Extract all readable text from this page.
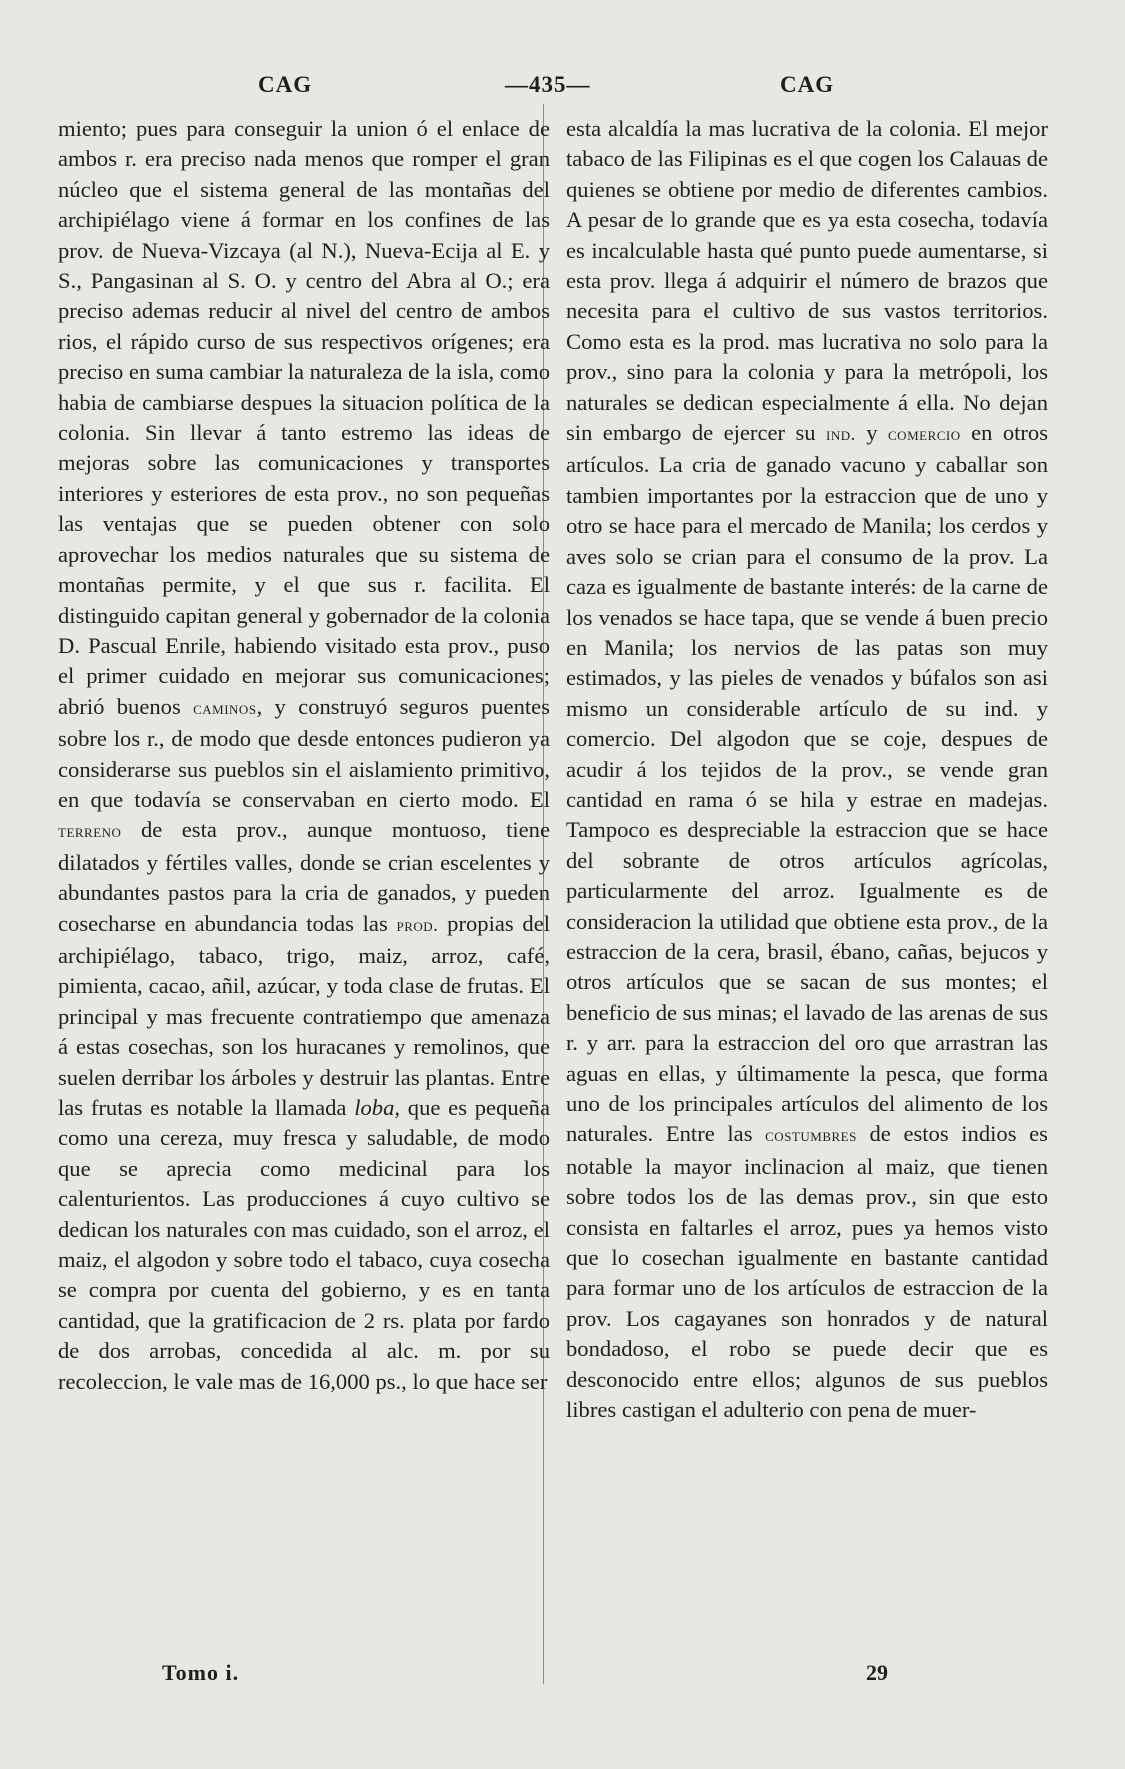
CAG	—435—	CAG
miento; pues para conseguir la union ó el enlace de ambos r. era preciso nada menos que romper el gran núcleo que el sistema general de las montañas del archipiélago viene á formar en los confines de las prov. de Nueva-Vizcaya (al N.), Nueva-Ecija al E. y S., Pangasinan al S. O. y centro del Abra al O.; era preciso ademas reducir al nivel del centro de ambos rios, el rápido curso de sus respectivos orígenes; era preciso en suma cambiar la naturaleza de la isla, como habia de cambiarse despues la situacion política de la colonia. Sin llevar á tanto estremo las ideas de mejoras sobre las comunicaciones y transportes interiores y esteriores de esta prov., no son pequeñas las ventajas que se pueden obtener con solo aprovechar los medios naturales que su sistema de montañas permite, y el que sus r. facilita. El distinguido capitan general y gobernador de la colonia D. Pascual Enrile, habiendo visitado esta prov., puso el primer cuidado en mejorar sus comunicaciones; abrió buenos caminos, y construyó seguros puentes sobre los r., de modo que desde entonces pudieron ya considerarse sus pueblos sin el aislamiento primitivo, en que todavía se conservaban en cierto modo. El terreno de esta prov., aunque montuoso, tiene dilatados y fértiles valles, donde se crian escelentes y abundantes pastos para la cria de ganados, y pueden cosecharse en abundancia todas las prod. propias del archipiélago, tabaco, trigo, maiz, arroz, café, pimienta, cacao, añil, azúcar, y toda clase de frutas. El principal y mas frecuente contratiempo que amenaza á estas cosechas, son los huracanes y remolinos, que suelen derribar los árboles y destruir las plantas. Entre las frutas es notable la llamada loba, que es pequeña como una cereza, muy fresca y saludable, de modo que se aprecia como medicinal para los calenturientos. Las producciones á cuyo cultivo se dedican los naturales con mas cuidado, son el arroz, el maiz, el algodon y sobre todo el tabaco, cuya cosecha se compra por cuenta del gobierno, y es en tanta cantidad, que la gratificacion de 2 rs. plata por fardo de dos arrobas, concedida al alc. m. por su recoleccion, le vale mas de 16,000 ps., lo que hace ser
esta alcaldía la mas lucrativa de la colonia. El mejor tabaco de las Filipinas es el que cogen los Calauas de quienes se obtiene por medio de diferentes cambios. A pesar de lo grande que es ya esta cosecha, todavía es incalculable hasta qué punto puede aumentarse, si esta prov. llega á adquirir el número de brazos que necesita para el cultivo de sus vastos territorios. Como esta es la prod. mas lucrativa no solo para la prov., sino para la colonia y para la metrópoli, los naturales se dedican especialmente á ella. No dejan sin embargo de ejercer su ind. y comercio en otros artículos. La cria de ganado vacuno y caballar son tambien importantes por la estraccion que de uno y otro se hace para el mercado de Manila; los cerdos y aves solo se crian para el consumo de la prov. La caza es igualmente de bastante interés: de la carne de los venados se hace tapa, que se vende á buen precio en Manila; los nervios de las patas son muy estimados, y las pieles de venados y búfalos son asi mismo un considerable artículo de su ind. y comercio. Del algodon que se coje, despues de acudir á los tejidos de la prov., se vende gran cantidad en rama ó se hila y estrae en madejas. Tampoco es despreciable la estraccion que se hace del sobrante de otros artículos agrícolas, particularmente del arroz. Igualmente es de consideracion la utilidad que obtiene esta prov., de la estraccion de la cera, brasil, ébano, cañas, bejucos y otros artículos que se sacan de sus montes; el beneficio de sus minas; el lavado de las arenas de sus r. y arr. para la estraccion del oro que arrastran las aguas en ellas, y últimamente la pesca, que forma uno de los principales artículos del alimento de los naturales. Entre las costumbres de estos indios es notable la mayor inclinacion al maiz, que tienen sobre todos los de las demas prov., sin que esto consista en faltarles el arroz, pues ya hemos visto que lo cosechan igualmente en bastante cantidad para formar uno de los artículos de estraccion de la prov. Los cagayanes son honrados y de natural bondadoso, el robo se puede decir que es desconocido entre ellos; algunos de sus pueblos libres castigan el adulterio con pena de muer-
Tomo i.	29
